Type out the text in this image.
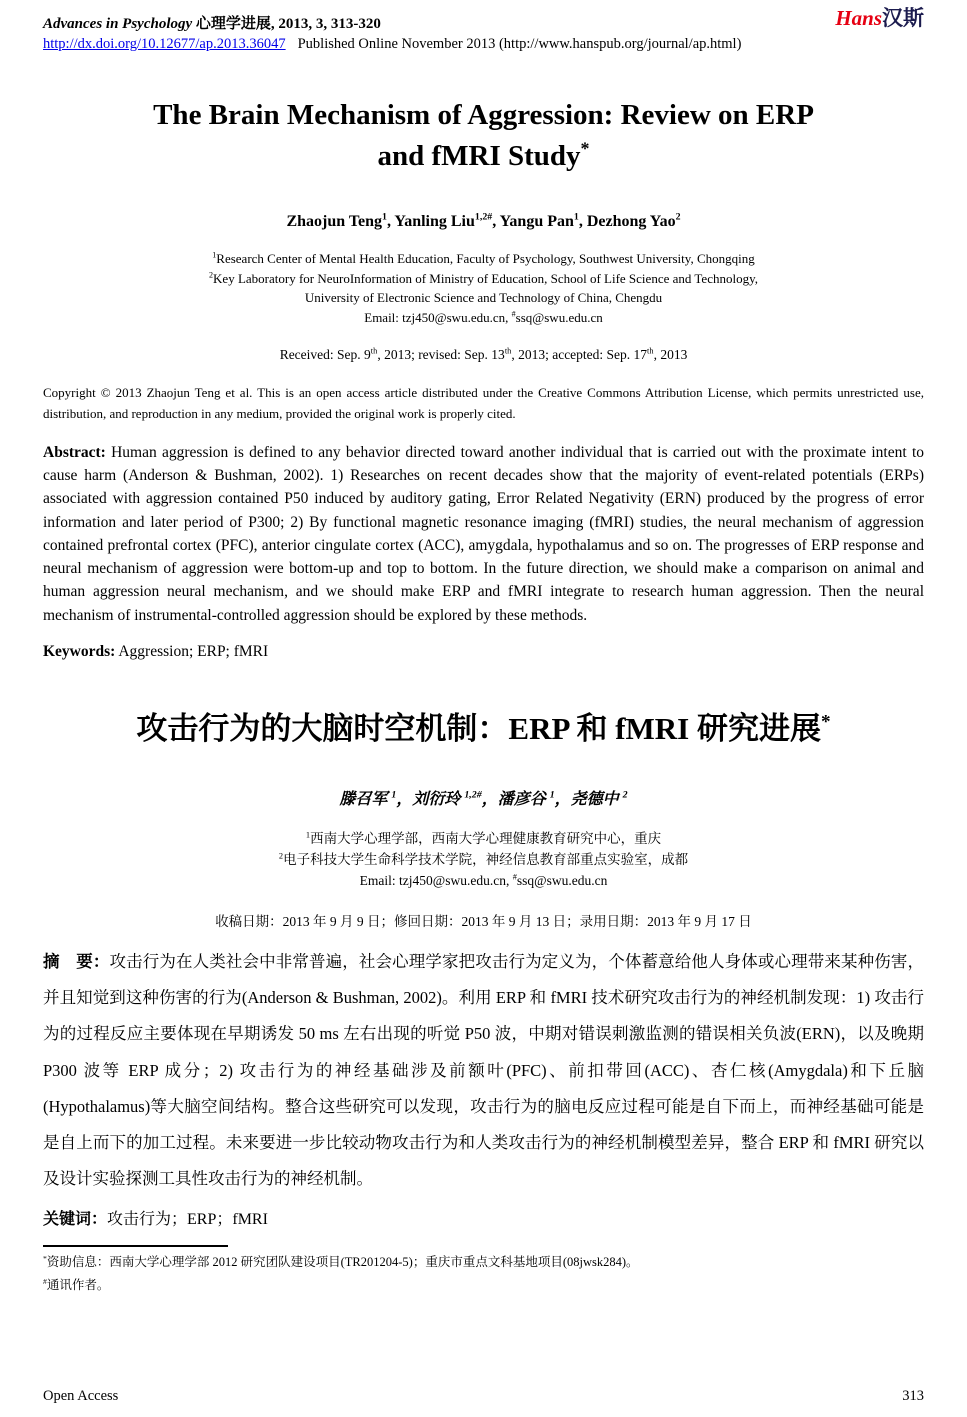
Advances in Psychology 心理学进展, 2013, 3, 313-320	Hans汉斯
http://dx.doi.org/10.12677/ap.2013.36047 Published Online November 2013 (http://www.hanspub.org/journal/ap.html)
The Brain Mechanism of Aggression: Review on ERP
and fMRI Study*

Zhaojun Teng$^1$, Yanling Liu$^{1,2\#}$, Yangu Pan$^1$, Dezhong Yao$^2$

$^1$Research Center of Mental Health Education, Faculty of Psychology, Southwest University, Chongqing
$^2$Key Laboratory for NeuroInformation of Ministry of Education, School of Life Science and Technology,
University of Electronic Science and Technology of China, Chengdu
Email: tzj450@swu.edu.cn, #ssq@swu.edu.cn

Received: Sep. 9th, 2013; revised: Sep. 13th, 2013; accepted: Sep. 17th, 2013

Copyright © 2013 Zhaojun Teng et al. This is an open access article distributed under the Creative Commons Attribution License, which permits unrestricted use, distribution, and reproduction in any medium, provided the original work is properly cited.

Abstract: Human aggression is defined to any behavior directed toward another individual that is carried out with the proximate intent to cause harm (Anderson & Bushman, 2002). 1) Researches on recent decades show that the majority of event-related potentials (ERPs) associated with aggression contained P50 induced by auditory gating, Error Related Negativity (ERN) produced by the progress of error information and later period of P300; 2) By functional magnetic resonance imaging (fMRI) studies, the neural mechanism of aggression contained prefrontal cortex (PFC), anterior cingulate cortex (ACC), amygdala, hypothalamus and so on. The progresses of ERP response and neural mechanism of aggression were bottom-up and top to bottom. In the future direction, we should make a comparison on animal and human aggression neural mechanism, and we should make ERP and fMRI integrate to research human aggression. Then the neural mechanism of instrumental-controlled aggression should be explored by these methods.

Keywords: Aggression; ERP; fMRI

攻击行为的大脑时空机制：ERP 和 fMRI 研究进展*

滕召军 $^1$，刘衍玲 $^{1,2\#}$，潘彦谷 $^1$，尧德中 $^2$

$^1$西南大学心理学部，西南大学心理健康教育研究中心，重庆
$^2$电子科技大学生命科学技术学院，神经信息教育部重点实验室，成都
Email: tzj450@swu.edu.cn, #ssq@swu.edu.cn

收稿日期：2013 年 9 月 9 日；修回日期：2013 年 9 月 13 日；录用日期：2013 年 9 月 17 日

摘　要：攻击行为在人类社会中非常普遍，社会心理学家把攻击行为定义为，个体蓄意给他人身体或心理带来某种伤害，并且知觉到这种伤害的行为(Anderson & Bushman, 2002)。利用 ERP 和 fMRI 技术研究攻击行为的神经机制发现：1) 攻击行为的过程反应主要体现在早期诱发 50 ms 左右出现的听觉 P50 波，中期对错误刺激监测的错误相关负波(ERN)，以及晚期 P300 波等 ERP 成分；2) 攻击行为的神经基础涉及前额叶(PFC)、前扣带回(ACC)、杏仁核(Amygdala)和下丘脑(Hypothalamus)等大脑空间结构。整合这些研究可以发现，攻击行为的脑电反应过程可能是自下而上，而神经基础可能是是自上而下的加工过程。未来要进一步比较动物攻击行为和人类攻击行为的神经机制模型差异，整合 ERP 和 fMRI 研究以及设计实验探测工具性攻击行为的神经机制。

关键词：攻击行为；ERP；fMRI

*资助信息：西南大学心理学部 2012 研究团队建设项目(TR201204-5)；重庆市重点文科基地项目(08jwsk284)。
#通讯作者。
Open Access	313
